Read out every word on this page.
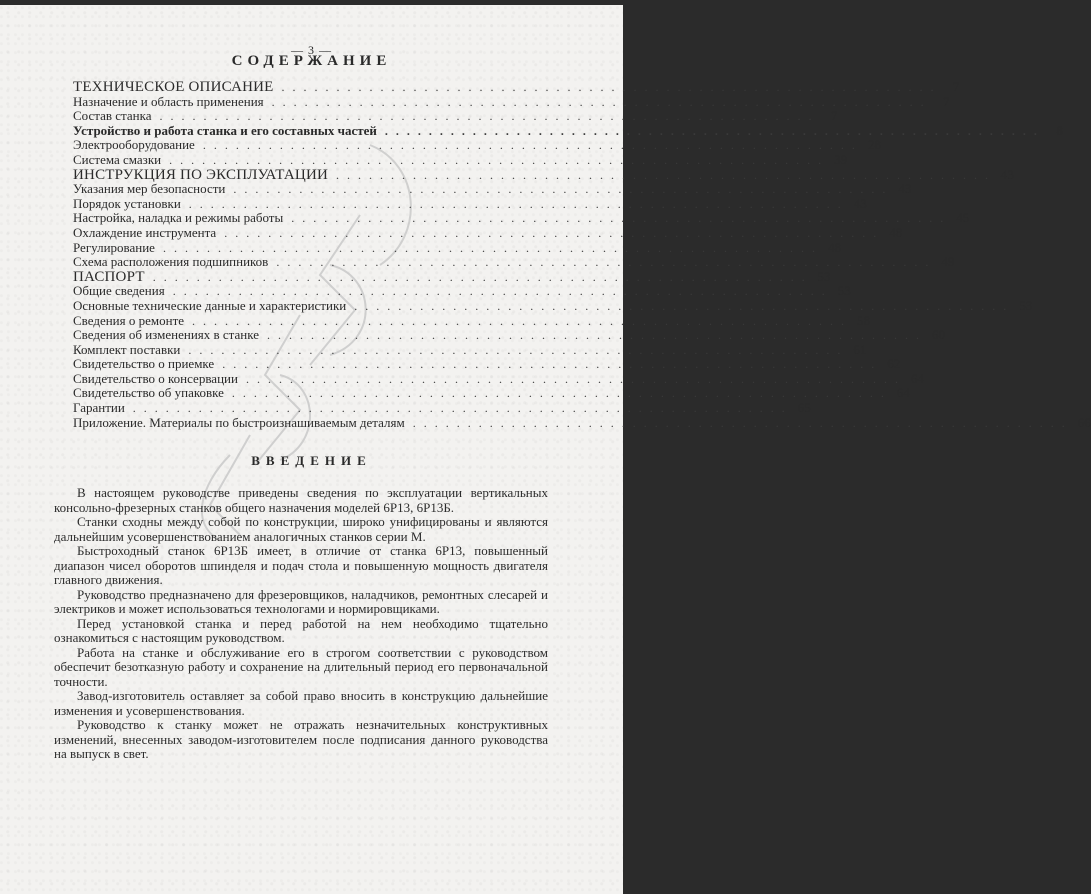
— 3 —
СОДЕРЖАНИЕ
ТЕХНИЧЕСКОЕ ОПИСАНИЕ ............................................................ 7
Назначение и область применения ............................................................ 7
Состав станка ............................................................ 7
Устройство и работа станка и его составных частей ............................................................ 8
Электрооборудование ............................................................ 28
Система смазки ............................................................ 39
ИНСТРУКЦИЯ ПО ЭКСПЛУАТАЦИИ ............................................................ 43
Указания мер безопасности ............................................................ 43
Порядок установки ............................................................ 43
Настройка, наладка и режимы работы ............................................................ 45
Охлаждение инструмента ............................................................ 48
Регулирование ............................................................ 48
Схема расположения подшипников ............................................................ 49
ПАСПОРТ ............................................................ 53
Общие сведения ............................................................ 53
Основные технические данные и характеристики ............................................................ 53
Сведения о ремонте ............................................................ 58
Сведения об изменениях в станке ............................................................ 60
Комплект поставки ............................................................ 61
Свидетельство о приемке ............................................................ 62
Свидетельство о консервации ............................................................ 64
Свидетельство об упаковке ............................................................ 64
Гарантии ............................................................ 65
Приложение. Материалы по быстроизнашиваемым деталям ............................................................ 66
ВВЕДЕНИЕ

В настоящем руководстве приведены сведения по эксплуатации вертикальных консольно-фрезерных станков общего назначения моделей 6Р13, 6Р13Б.

Станки сходны между собой по конструкции, широко унифицированы и являются дальнейшим усовершенствованием аналогичных станков серии М.

Быстроходный станок 6Р13Б имеет, в отличие от станка 6Р13, повышенный диапазон чисел оборотов шпинделя и подач стола и повышенную мощность двигателя главного движения.

Руководство предназначено для фрезеровщиков, наладчиков, ремонтных слесарей и электриков и может использоваться технологами и нормировщиками.

Перед установкой станка и перед работой на нем необходимо тщательно ознакомиться с настоящим руководством.

Работа на станке и обслуживание его в строгом соответствии с руководством обеспечит безотказную работу и сохранение на длительный период его первоначальной точности.

Завод-изготовитель оставляет за собой право вносить в конструкцию дальнейшие изменения и усовершенствования.

Руководство к станку может не отражать незначительных конструктивных изменений, внесенных заводом-изготовителем после подписания данного руководства на выпуск в свет.
